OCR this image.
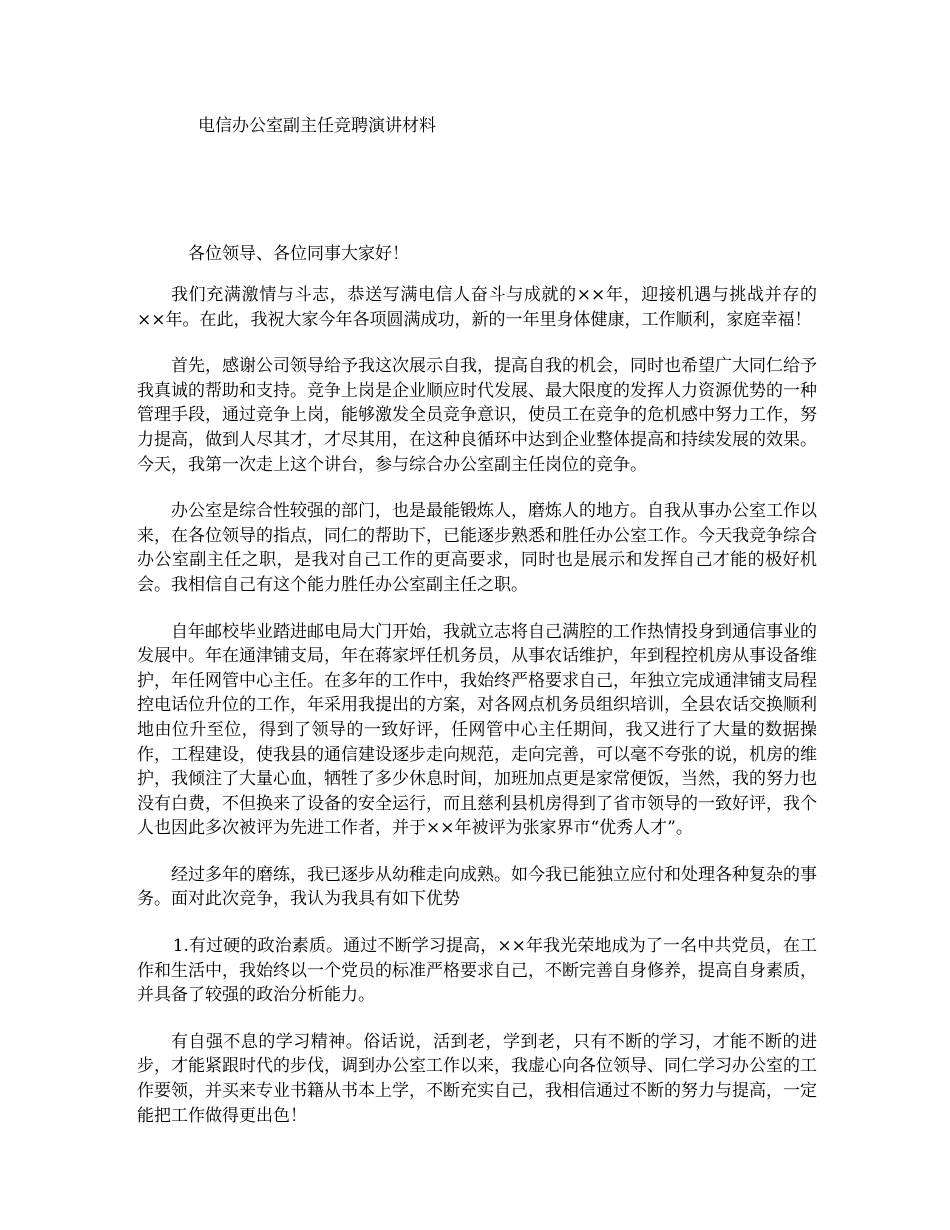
电信办公室副主任竞聘演讲材料

各位领导、各位同事大家好！

我们充满激情与斗志，恭送写满电信人奋斗与成就的××年，迎接机遇与挑战并存的××年。在此，我祝大家今年各项圆满成功，新的一年里身体健康，工作顺利，家庭幸福！

首先，感谢公司领导给予我这次展示自我，提高自我的机会，同时也希望广大同仁给予我真诚的帮助和支持。竞争上岗是企业顺应时代发展、最大限度的发挥人力资源优势的一种管理手段，通过竞争上岗，能够激发全员竞争意识，使员工在竞争的危机感中努力工作，努力提高，做到人尽其才，才尽其用，在这种良循环中达到企业整体提高和持续发展的效果。今天，我第一次走上这个讲台，参与综合办公室副主任岗位的竞争。

办公室是综合性较强的部门，也是最能锻炼人，磨炼人的地方。自我从事办公室工作以来，在各位领导的指点，同仁的帮助下，已能逐步熟悉和胜任办公室工作。今天我竞争综合办公室副主任之职，是我对自己工作的更高要求，同时也是展示和发挥自己才能的极好机会。我相信自己有这个能力胜任办公室副主任之职。

自年邮校毕业踏进邮电局大门开始，我就立志将自己满腔的工作热情投身到通信事业的发展中。年在通津铺支局，年在蒋家坪任机务员，从事农话维护，年到程控机房从事设备维护，年任网管中心主任。在多年的工作中，我始终严格要求自己，年独立完成通津铺支局程控电话位升位的工作，年采用我提出的方案，对各网点机务员组织培训，全县农话交换顺利地由位升至位，得到了领导的一致好评，任网管中心主任期间，我又进行了大量的数据操作，工程建设，使我县的通信建设逐步走向规范，走向完善，可以毫不夸张的说，机房的维护，我倾注了大量心血，牺牲了多少休息时间，加班加点更是家常便饭，当然，我的努力也没有白费，不但换来了设备的安全运行，而且慈利县机房得到了省市领导的一致好评，我个人也因此多次被评为先进工作者，并于××年被评为张家界市“优秀人才”。

经过多年的磨练，我已逐步从幼稚走向成熟。如今我已能独立应付和处理各种复杂的事务。面对此次竞争，我认为我具有如下优势

1.有过硬的政治素质。通过不断学习提高，××年我光荣地成为了一名中共党员，在工作和生活中，我始终以一个党员的标准严格要求自己，不断完善自身修养，提高自身素质，并具备了较强的政治分析能力。

有自强不息的学习精神。俗话说，活到老，学到老，只有不断的学习，才能不断的进步，才能紧跟时代的步伐，调到办公室工作以来，我虚心向各位领导、同仁学习办公室的工作要领，并买来专业书籍从书本上学，不断充实自己，我相信通过不断的努力与提高，一定能把工作做得更出色！
